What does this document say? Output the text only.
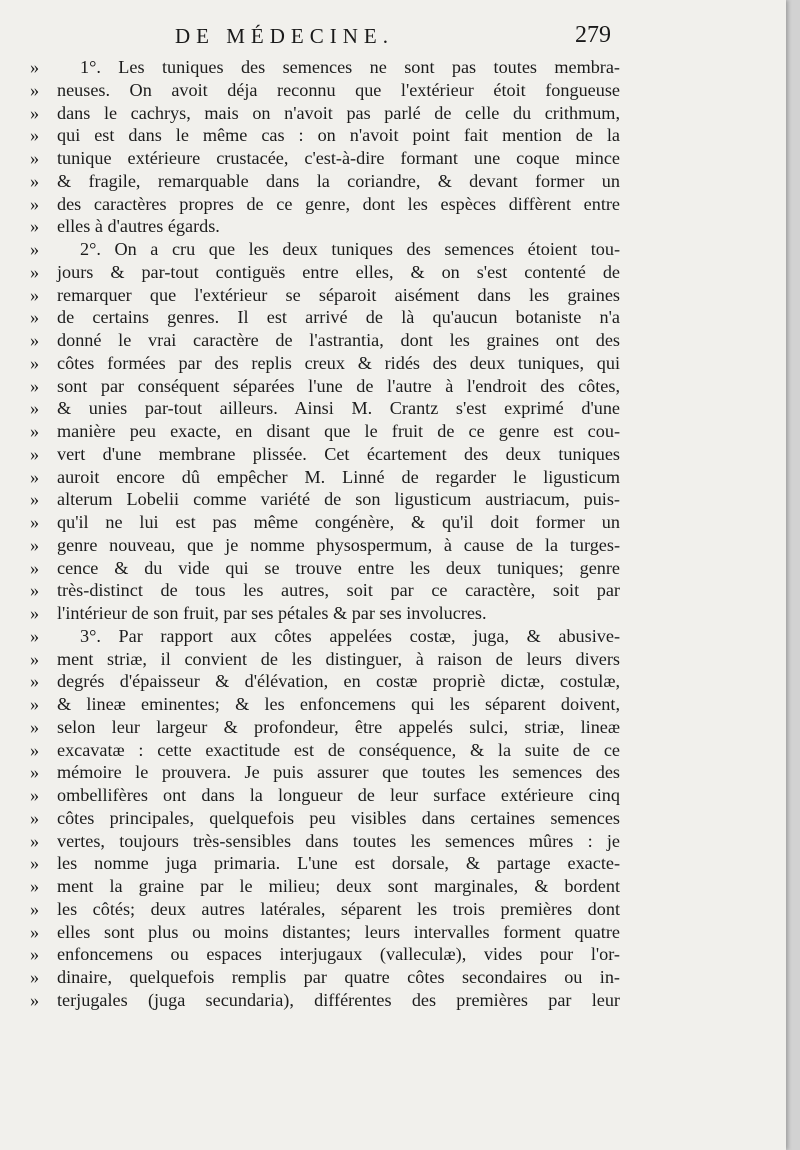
DE MÉDECINE.	279
»	1°. Les tuniques des semences ne sont pas toutes membra-
» neuses. On avoit déja reconnu que l'extérieur étoit fongueuse
» dans le cachrys, mais on n'avoit pas parlé de celle du crithmum,
» qui est dans le même cas : on n'avoit point fait mention de la
» tunique extérieure crustacée, c'est-à-dire formant une coque mince
» & fragile, remarquable dans la coriandre, & devant former un
» des caractères propres de ce genre, dont les espèces diffèrent entre
» elles à d'autres égards.
»	2°. On a cru que les deux tuniques des semences étoient tou-
» jours & par-tout contiguës entre elles, & on s'est contenté de
» remarquer que l'extérieur se séparoit aisément dans les graines
» de certains genres. Il est arrivé de là qu'aucun botaniste n'a
» donné le vrai caractère de l'astrantia, dont les graines ont des
» côtes formées par des replis creux & ridés des deux tuniques, qui
» sont par conséquent séparées l'une de l'autre à l'endroit des côtes,
» & unies par-tout ailleurs. Ainsi M. Crantz s'est exprimé d'une
» manière peu exacte, en disant que le fruit de ce genre est cou-
» vert d'une membrane plissée. Cet écartement des deux tuniques
» auroit encore dû empêcher M. Linné de regarder le ligusticum
» alterum Lobelii comme variété de son ligusticum austriacum, puis-
» qu'il ne lui est pas même congénère, & qu'il doit former un
» genre nouveau, que je nomme physospermum, à cause de la turges-
» cence & du vide qui se trouve entre les deux tuniques; genre
» très-distinct de tous les autres, soit par ce caractère, soit par
» l'intérieur de son fruit, par ses pétales & par ses involucres.
»	3°. Par rapport aux côtes appelées costæ, juga, & abusive-
» ment striæ, il convient de les distinguer, à raison de leurs divers
» degrés d'épaisseur & d'élévation, en costæ propriè dictæ, costulæ,
» & lineæ eminentes; & les enfoncemens qui les séparent doivent,
» selon leur largeur & profondeur, être appelés sulci, striæ, lineæ
» excavatæ : cette exactitude est de conséquence, & la suite de ce
» mémoire le prouvera. Je puis assurer que toutes les semences des
» ombellifères ont dans la longueur de leur surface extérieure cinq
» côtes principales, quelquefois peu visibles dans certaines semences
» vertes, toujours très-sensibles dans toutes les semences mûres : je
» les nomme juga primaria. L'une est dorsale, & partage exacte-
» ment la graine par le milieu; deux sont marginales, & bordent
» les côtés; deux autres latérales, séparent les trois premières dont
» elles sont plus ou moins distantes; leurs intervalles forment quatre
» enfoncemens ou espaces interjugaux (valleculæ), vides pour l'or-
» dinaire, quelquefois remplis par quatre côtes secondaires ou in-
» terjugales (juga secundaria), différentes des premières par leur
